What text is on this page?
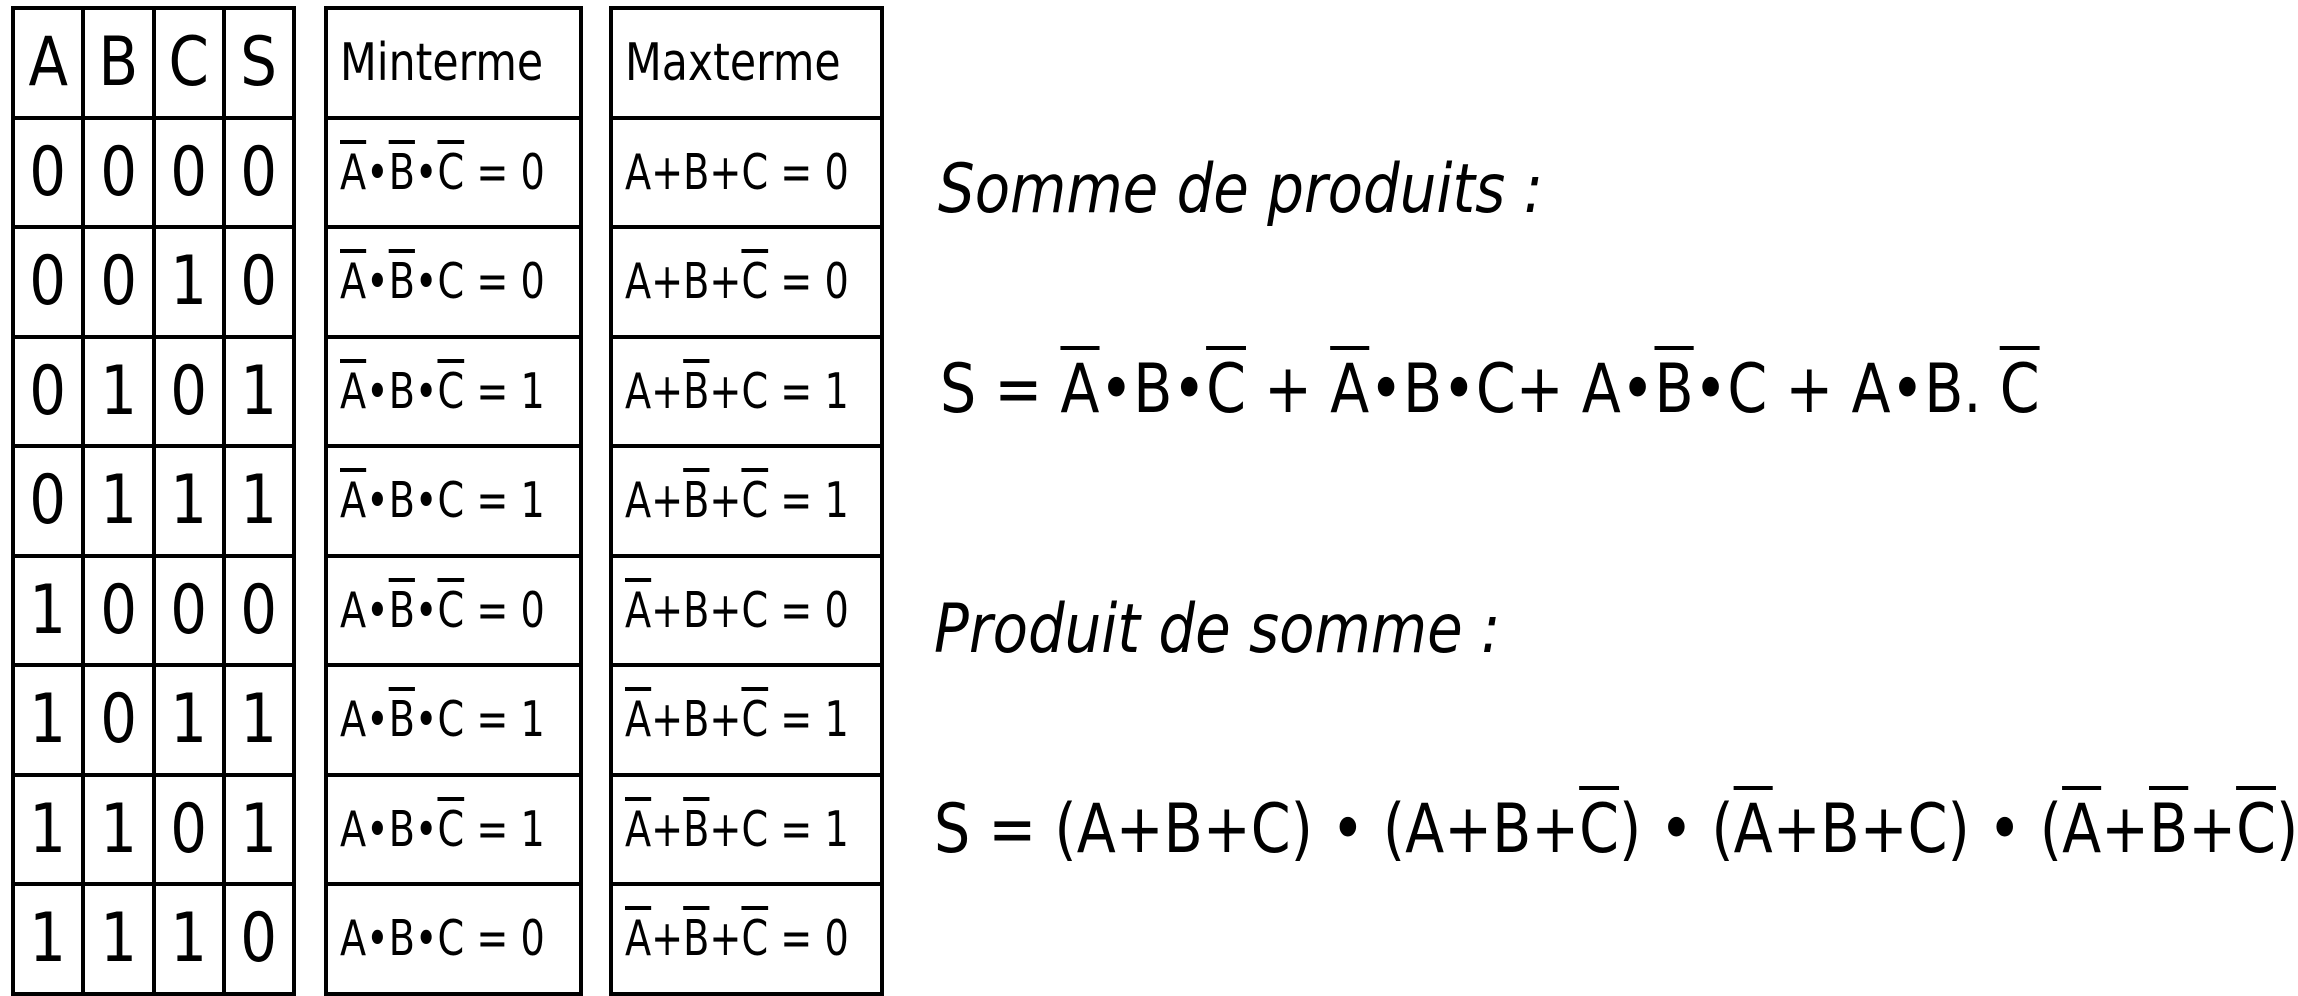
A	B	C	S
0	0	0	0
0	0	1	0
0	1	0	1
0	1	1	1
1	0	0	0
1	0	1	1
1	1	0	1
1	1	1	0
Minterme
$\overline{A}•\overline{B}•\overline{C} = 0$
$\overline{A}•\overline{B}•C = 0$
$\overline{A}•B•\overline{C} = 1$
$\overline{A}•B•C = 1$
$A•\overline{B}•\overline{C} = 0$
$A•\overline{B}•C = 1$
$A•B•\overline{C} = 1$
A•B•C = 0
Maxterme
A+B+C = 0
$A+B+\overline{C} = 0$
$A+\overline{B}+C = 1$
$A+\overline{B}+\overline{C} = 1$
$\overline{A}+B+C = 0$
$\overline{A}+B+\overline{C} = 1$
$\overline{A}+\overline{B}+C = 1$
$\overline{A}+\overline{B}+\overline{C} = 0$
Somme de produits :
$S = \overline{A}•B•\overline{C}$ + $\overline{A}•B•C+$ $A•\overline{B}•C$ + A•B. $\overline{C}$
Produit de somme :
S = (A+B+C) • $(A+B+\overline{C})$ • $(\overline{A}+B+C)$ • $(\overline{A}+\overline{B}+\overline{C})$
